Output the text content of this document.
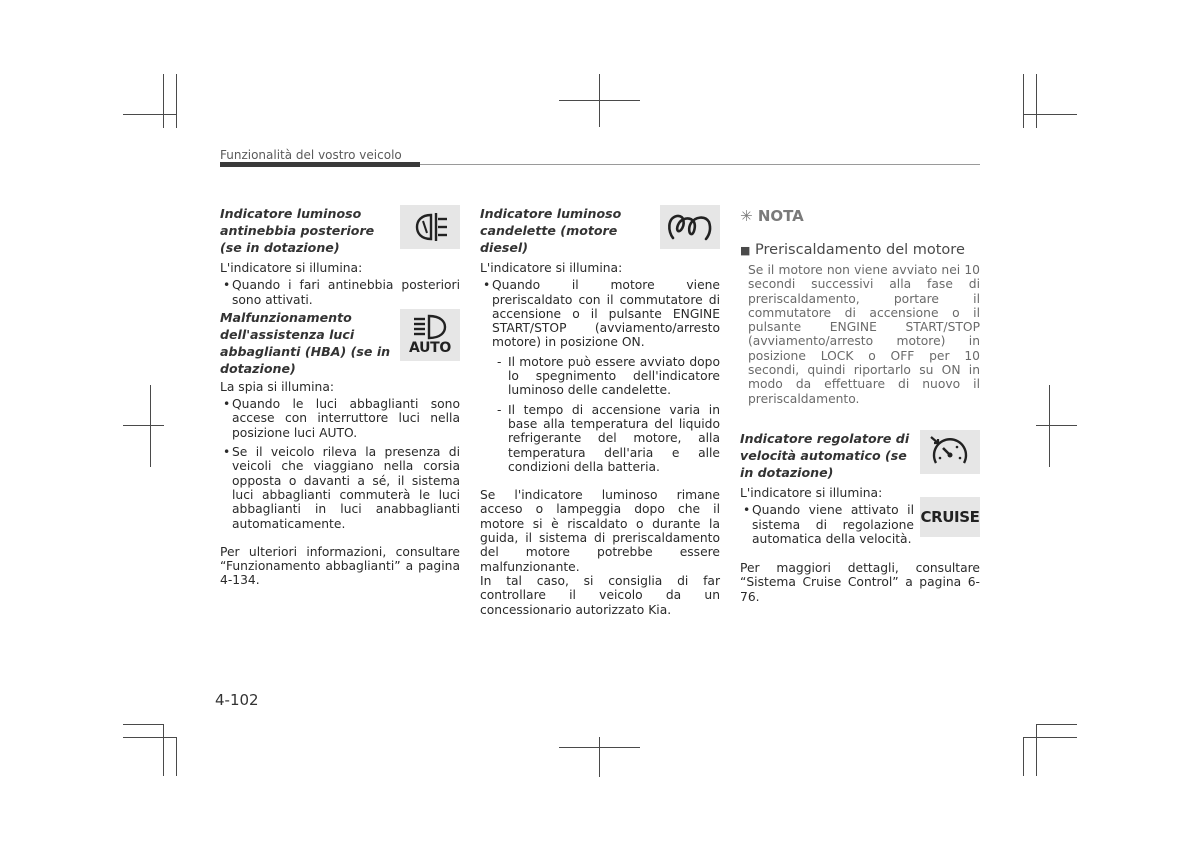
Funzionalità del vostro veicolo
Indicatore luminoso antinebbia posteriore (se in dotazione)
L'indicatore si illumina:
• Quando i fari antinebbia posteriori sono attivati.
AUTO
Malfunzionamento dell'assistenza luci abbaglianti (HBA) (se in dotazione)
La spia si illumina:
• Quando le luci abbaglianti sono accese con interruttore luci nella posizione luci AUTO.
• Se il veicolo rileva la presenza di veicoli che viaggiano nella corsia opposta o davanti a sé, il sistema luci abbaglianti commuterà le luci abbaglianti in luci anabbaglianti automaticamente.
Per ulteriori informazioni, consultare “Funzionamento abbaglianti” a pagina 4-134.
Indicatore luminoso candelette (motore diesel)
L'indicatore si illumina:
• Quando il motore viene preriscaldato con il commutatore di accensione o il pulsante ENGINE START/STOP (avviamento/arresto motore) in posizione ON.
- Il motore può essere avviato dopo lo spegnimento dell'indicatore luminoso delle candelette.
- Il tempo di accensione varia in base alla temperatura del liquido refrigerante del motore, alla temperatura dell'aria e alle condizioni della batteria.
Se l'indicatore luminoso rimane acceso o lampeggia dopo che il motore si è riscaldato o durante la guida, il sistema di preriscaldamento del motore potrebbe essere malfunzionante.
In tal caso, si consiglia di far controllare il veicolo da un concessionario autorizzato Kia.
✳ NOTA
■ Preriscaldamento del motore
Se il motore non viene avviato nei 10 secondi successivi alla fase di preriscaldamento, portare il commutatore di accensione o il pulsante ENGINE START/STOP (avviamento/arresto motore) in posizione LOCK o OFF per 10 secondi, quindi riportarlo su ON in modo da effettuare di nuovo il preriscaldamento.
Indicatore regolatore di velocità automatico (se in dotazione)
L'indicatore si illumina:
CRUISE
• Quando viene attivato il sistema di regolazione automatica della velocità.
Per maggiori dettagli, consultare “Sistema Cruise Control” a pagina 6-76.
4-102
